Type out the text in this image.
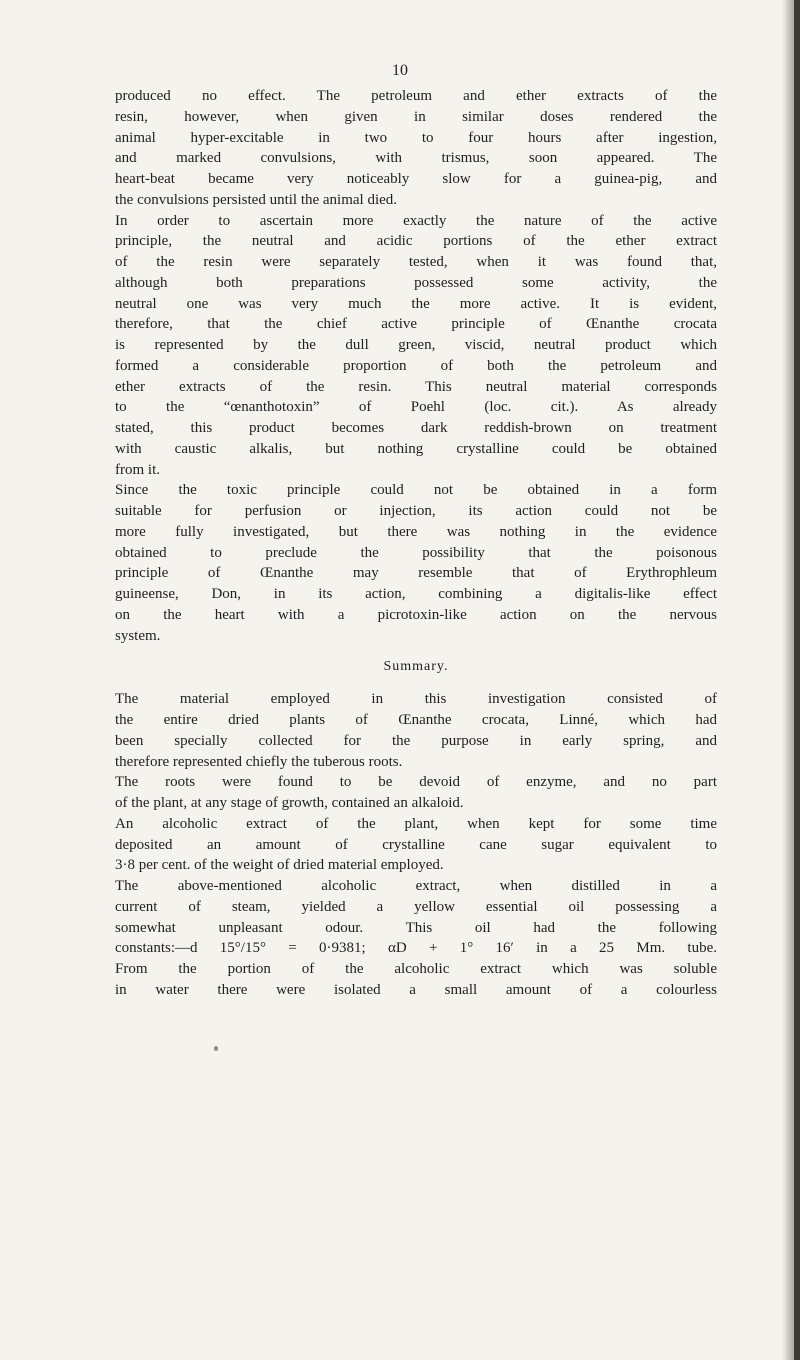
10
produced no effect. The petroleum and ether extracts of the
resin, however, when given in similar doses rendered the
animal hyper-excitable in two to four hours after ingestion,
and marked convulsions, with trismus, soon appeared. The
heart-beat became very noticeably slow for a guinea-pig, and
the convulsions persisted until the animal died.
In order to ascertain more exactly the nature of the active
principle, the neutral and acidic portions of the ether extract
of the resin were separately tested, when it was found that,
although both preparations possessed some activity, the
neutral one was very much the more active. It is evident,
therefore, that the chief active principle of Œnanthe crocata
is represented by the dull green, viscid, neutral product which
formed a considerable proportion of both the petroleum and
ether extracts of the resin. This neutral material corresponds
to the “œnanthotoxin” of Poehl (loc. cit.). As already
stated, this product becomes dark reddish-brown on treatment
with caustic alkalis, but nothing crystalline could be obtained
from it.
Since the toxic principle could not be obtained in a form
suitable for perfusion or injection, its action could not be
more fully investigated, but there was nothing in the evidence
obtained to preclude the possibility that the poisonous
principle of Œnanthe may resemble that of Erythrophleum
guineense, Don, in its action, combining a digitalis-like effect
on the heart with a picrotoxin-like action on the nervous
system.
Summary.
The material employed in this investigation consisted of
the entire dried plants of Œnanthe crocata, Linné, which had
been specially collected for the purpose in early spring, and
therefore represented chiefly the tuberous roots.
The roots were found to be devoid of enzyme, and no part
of the plant, at any stage of growth, contained an alkaloid.
An alcoholic extract of the plant, when kept for some time
deposited an amount of crystalline cane sugar equivalent to
3·8 per cent. of the weight of dried material employed.
The above-mentioned alcoholic extract, when distilled in a
current of steam, yielded a yellow essential oil possessing a
somewhat unpleasant odour. This oil had the following
constants:—d 15°/15° = 0·9381; αD + 1° 16′ in a 25 Mm. tube.
From the portion of the alcoholic extract which was soluble
in water there were isolated a small amount of a colourless
